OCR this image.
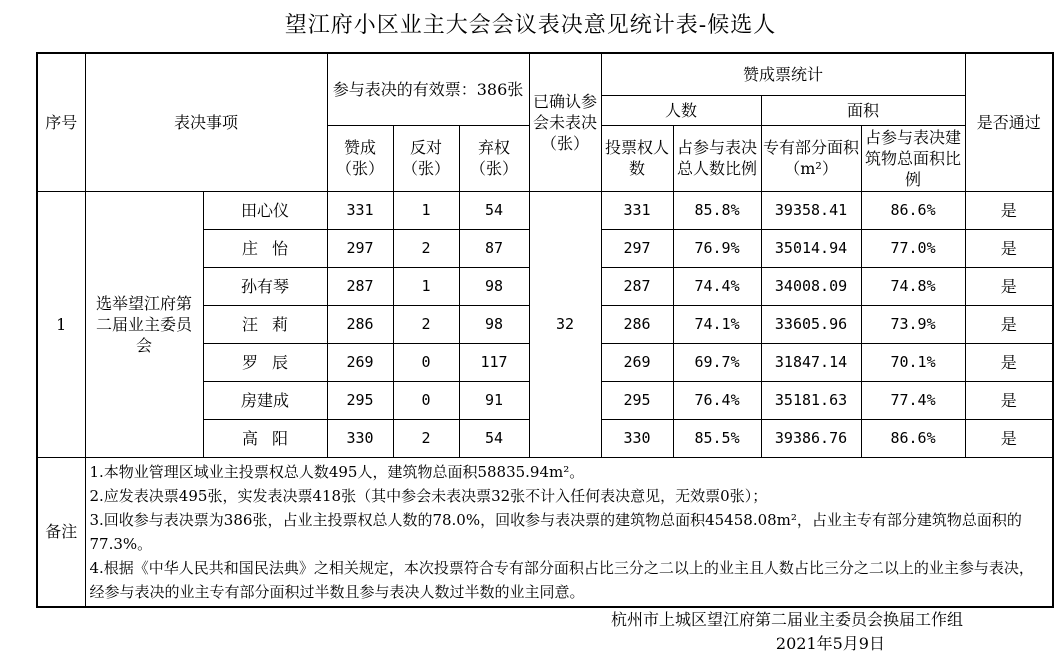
望江府小区业主大会会议表决意见统计表-候选人
序号	表决事项		参与表决的有效票：386张			已确认参会未表决（张）	赞成票统计				是否通过
							人数		面积		
			赞成（张）	反对（张）	弃权（张）		投票权人数	占参与表决总人数比例	专有部分面积（m²）	占参与表决建筑物总面积比例	
1	选举望江府第二届业主委员会	田心仪	331	1	54	32	331	85.8%	39358.41	86.6%	是
		庄怡	297	2	87		297	76.9%	35014.94	77.0%	是
		孙有琴	287	1	98		287	74.4%	34008.09	74.8%	是
		汪莉	286	2	98		286	74.1%	33605.96	73.9%	是
		罗辰	269	0	117		269	69.7%	31847.14	70.1%	是
		房建成	295	0	91		295	76.4%	35181.63	77.4%	是
		高阳	330	2	54		330	85.5%	39386.76	86.6%	是
备注	1.本物业管理区域业主投票权总人数495人，建筑物总面积58835.94m²。
2.应发表决票495张，实发表决票418张（其中参会未表决票32张不计入任何表决意见，无效票0张）；
3.回收参与表决票为386张，占业主投票权总人数的78.0%，回收参与表决票的建筑物总面积45458.08m²，占业主专有部分建筑物总面积的77.3%。
4.根据《中华人民共和国民法典》之相关规定，本次投票符合专有部分面积占比三分之二以上的业主且人数占比三分之二以上的业主参与表决，经参与表决的业主专有部分面积过半数且参与表决人数过半数的业主同意。										
杭州市上城区望江府第二届业主委员会换届工作组
2021年5月9日
